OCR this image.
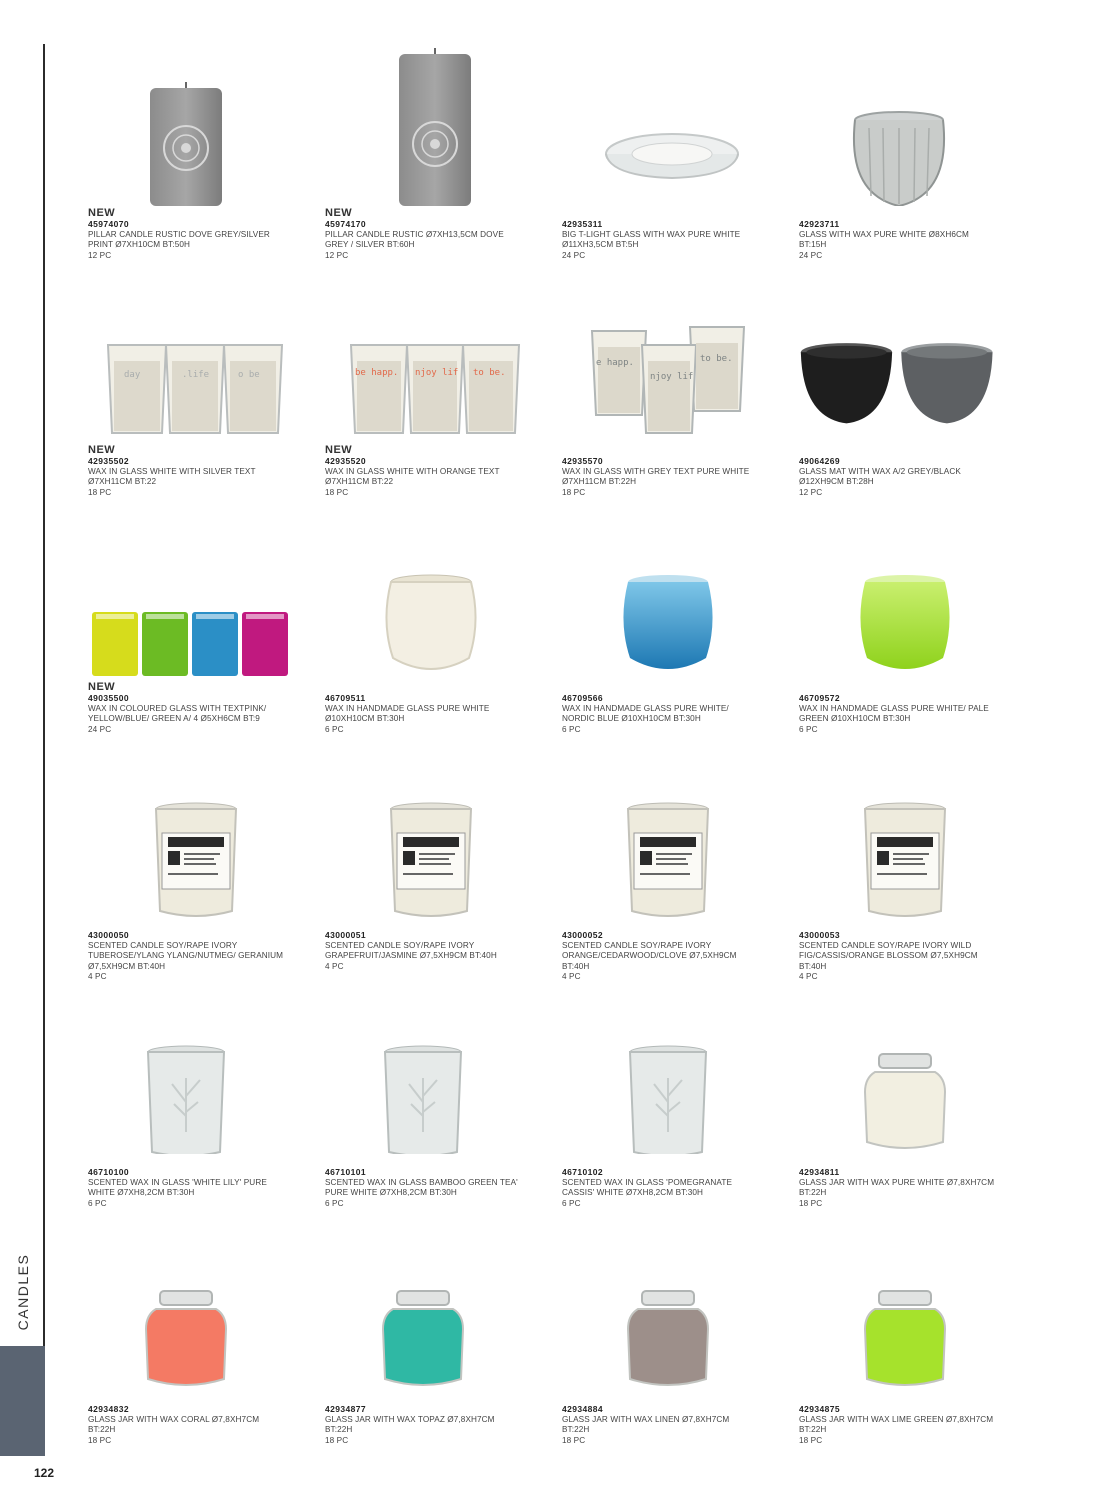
CANDLES
122
NEW
45974070
PILLAR CANDLE RUSTIC DOVE GREY/SILVER PRINT Ø7XH10CM BT:50H
12 PC
NEW
45974170
PILLAR CANDLE RUSTIC Ø7XH13,5CM DOVE GREY / SILVER BT:60H
12 PC
42935311
BIG T-LIGHT GLASS WITH WAX PURE WHITE Ø11XH3,5CM BT:5H
24 PC
42923711
GLASS WITH WAX PURE WHITE Ø8XH6CM BT:15H
24 PC
day	.life	o be
NEW
42935502
WAX IN GLASS WHITE WITH SILVER TEXT Ø7XH11CM BT:22
18 PC
be happ. njoy lif to be.
NEW
42935520
WAX IN GLASS WHITE WITH ORANGE TEXT Ø7XH11CM BT:22
18 PC
e happ.	to be.
njoy lif
42935570
WAX IN GLASS WITH GREY TEXT PURE WHITE Ø7XH11CM BT:22H
18 PC
49064269
GLASS MAT WITH WAX A/2 GREY/BLACK Ø12XH9CM BT:28H
12 PC
NEW
49035500
WAX IN COLOURED GLASS WITH TEXTPINK/ YELLOW/BLUE/ GREEN A/ 4 Ø5XH6CM BT:9
24 PC
46709511
WAX IN HANDMADE GLASS PURE WHITE Ø10XH10CM BT:30H
6 PC
46709566
WAX IN HANDMADE GLASS PURE WHITE/ NORDIC BLUE Ø10XH10CM BT:30H
6 PC
46709572
WAX IN HANDMADE GLASS PURE WHITE/ PALE GREEN Ø10XH10CM BT:30H
6 PC
43000050
SCENTED CANDLE SOY/RAPE IVORY TUBEROSE/YLANG YLANG/NUTMEG/ GERANIUM Ø7,5XH9CM BT:40H
4 PC
43000051
SCENTED CANDLE SOY/RAPE IVORY GRAPEFRUIT/JASMINE Ø7,5XH9CM BT:40H
4 PC
43000052
SCENTED CANDLE SOY/RAPE IVORY ORANGE/CEDARWOOD/CLOVE Ø7,5XH9CM BT:40H
4 PC
43000053
SCENTED CANDLE SOY/RAPE IVORY WILD FIG/CASSIS/ORANGE BLOSSOM Ø7,5XH9CM BT:40H
4 PC
46710100
SCENTED WAX IN GLASS 'WHITE LILY' PURE WHITE Ø7XH8,2CM BT:30H
6 PC
46710101
SCENTED WAX IN GLASS BAMBOO GREEN TEA' PURE WHITE Ø7XH8,2CM BT:30H
6 PC
46710102
SCENTED WAX IN GLASS 'POMEGRANATE CASSIS' WHITE Ø7XH8,2CM BT:30H
6 PC
42934811
GLASS JAR WITH WAX PURE WHITE Ø7,8XH7CM BT:22H
18 PC
42934832
GLASS JAR WITH WAX CORAL Ø7,8XH7CM BT:22H
18 PC
42934877
GLASS JAR WITH WAX TOPAZ Ø7,8XH7CM BT:22H
18 PC
42934884
GLASS JAR WITH WAX LINEN Ø7,8XH7CM BT:22H
18 PC
42934875
GLASS JAR WITH WAX LIME GREEN Ø7,8XH7CM BT:22H
18 PC
